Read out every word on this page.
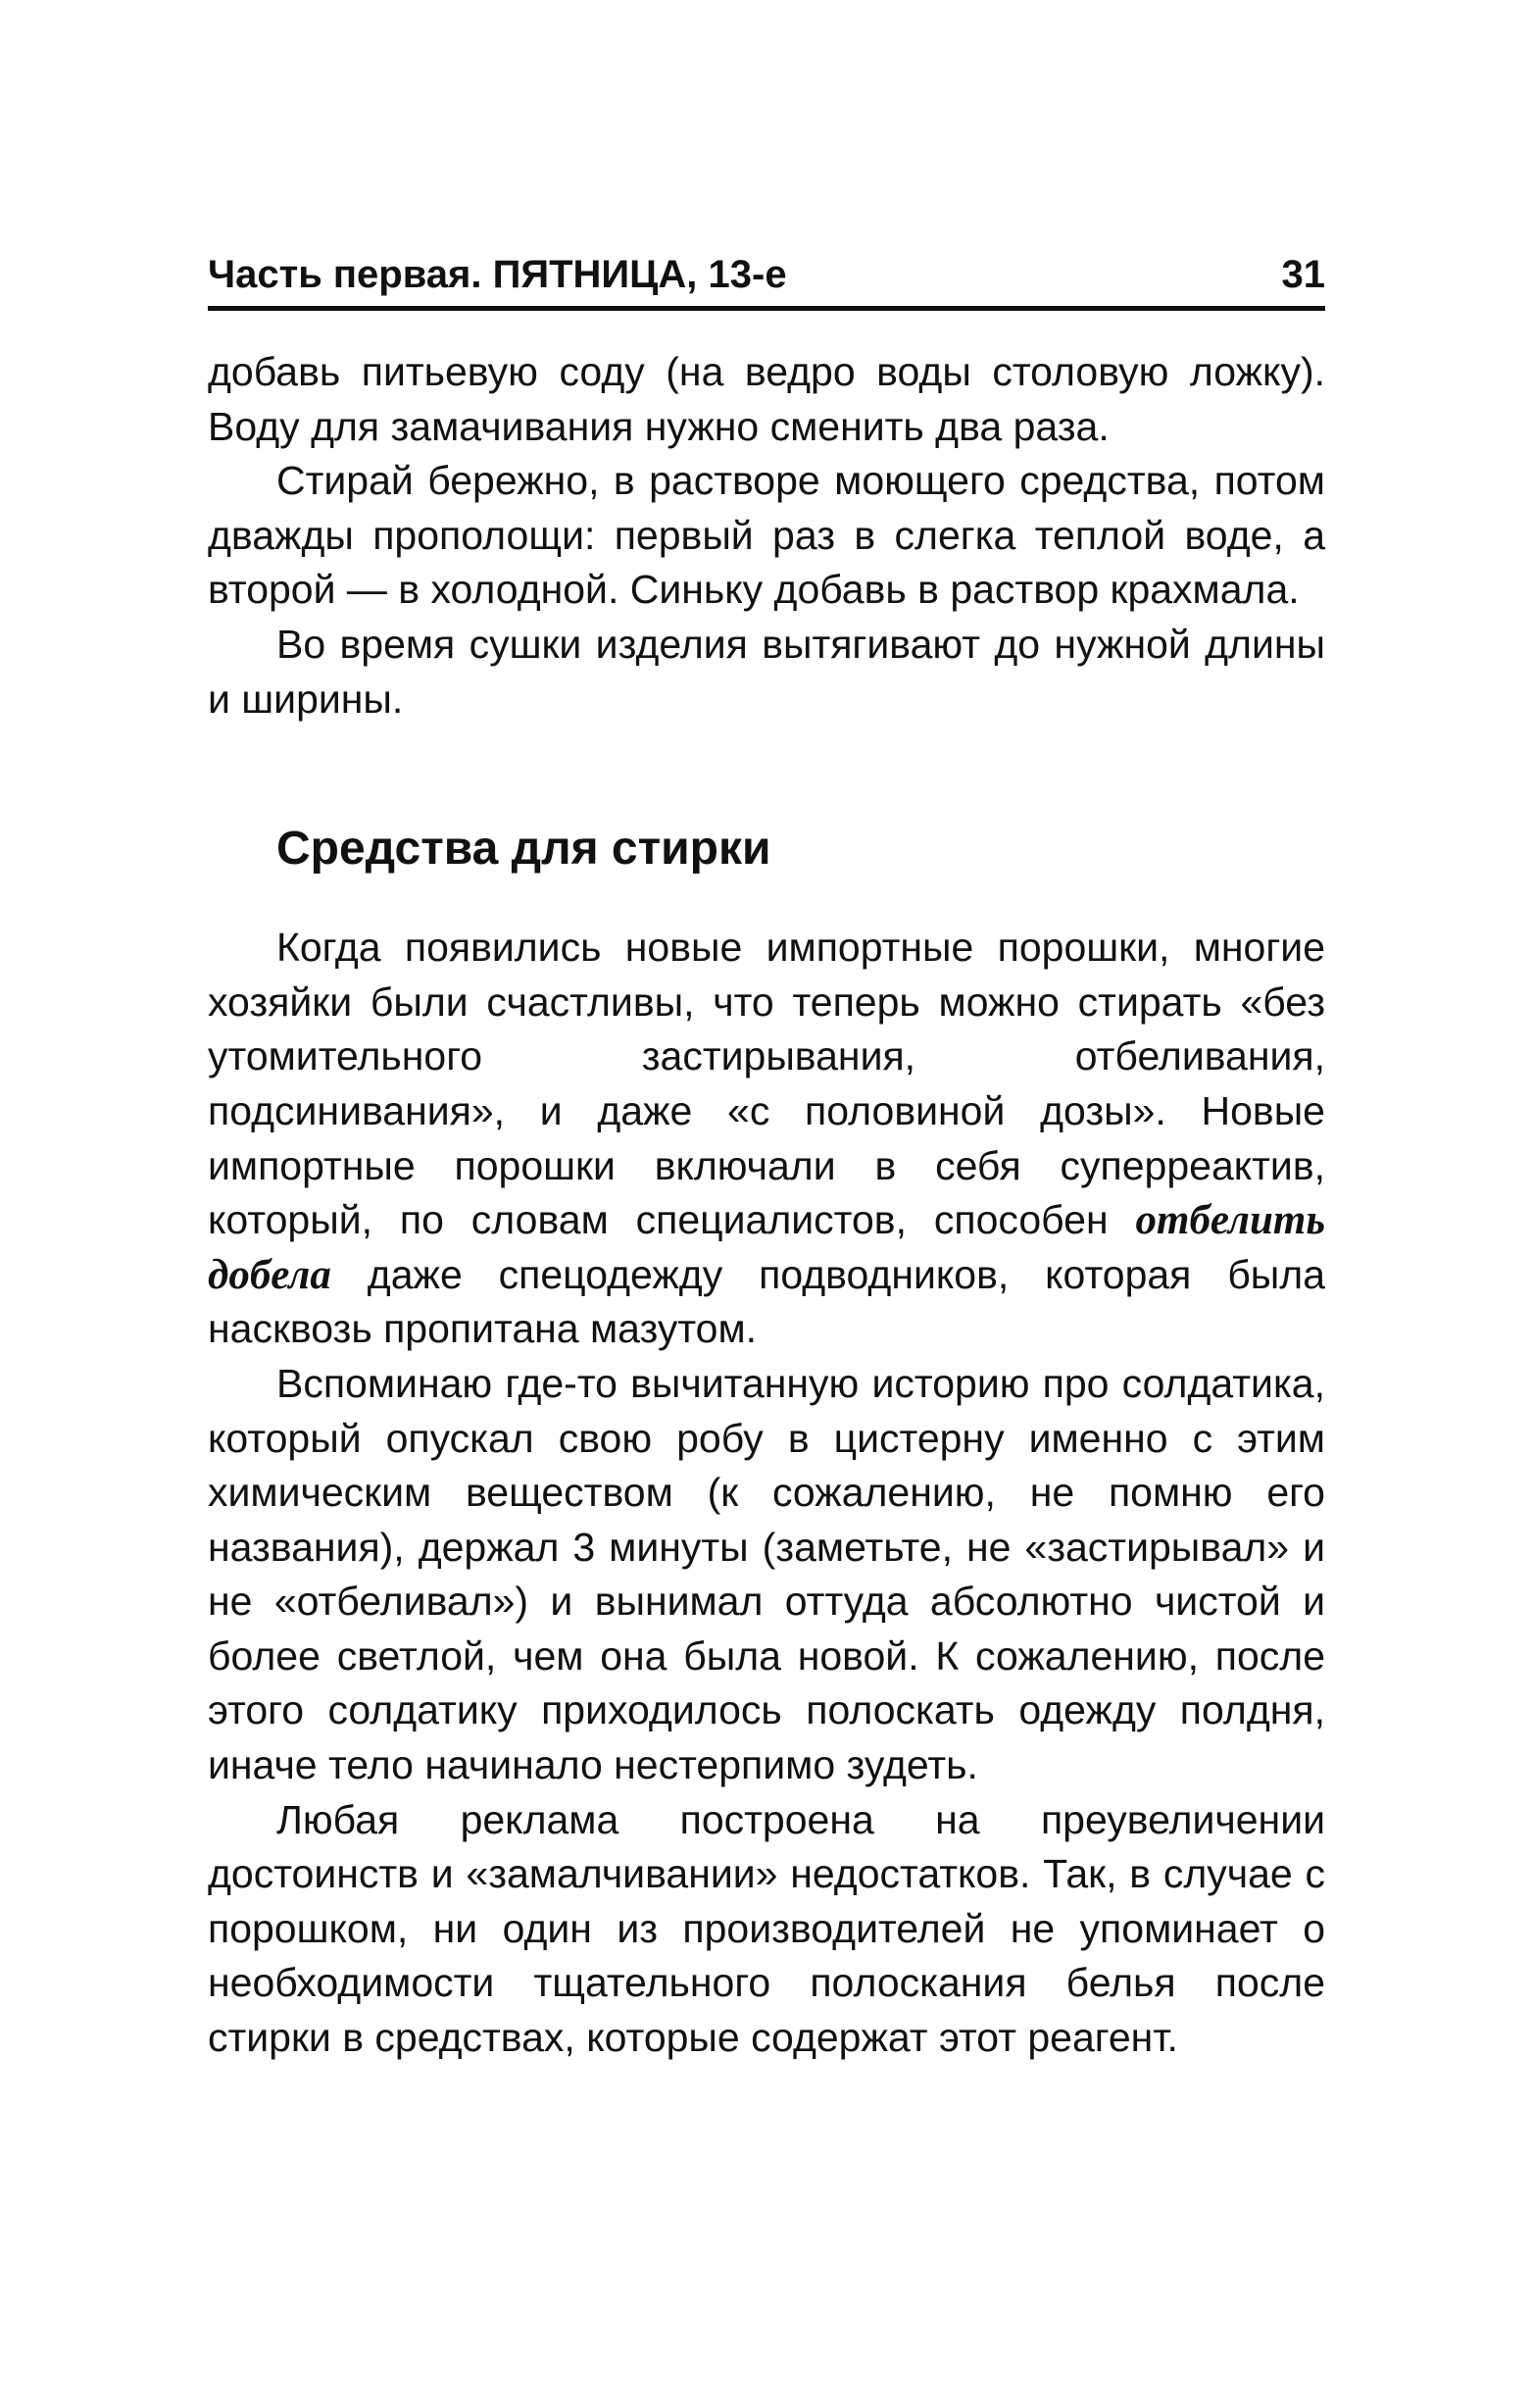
Часть первая. ПЯТНИЦА, 13-е	31

добавь питьевую соду (на ведро воды столовую ложку). Воду для замачивания нужно сменить два раза.

Стирай бережно, в растворе моющего средства, потом дважды прополощи: первый раз в слегка теплой воде, а второй — в холодной. Синьку добавь в раствор крахмала.

Во время сушки изделия вытягивают до нужной длины и ширины.

Средства для стирки

Когда появились новые импортные порошки, многие хозяйки были счастливы, что теперь можно стирать «без утомительного застирывания, отбеливания, подсинивания», и даже «с половиной дозы». Новые импортные порошки включали в себя суперреактив, который, по словам специалистов, способен отбелить добела даже спецодежду подводников, которая была насквозь пропитана мазутом.

Вспоминаю где-то вычитанную историю про солдатика, который опускал свою робу в цистерну именно с этим химическим веществом (к сожалению, не помню его названия), держал 3 минуты (заметьте, не «застирывал» и не «отбеливал») и вынимал оттуда абсолютно чистой и более светлой, чем она была новой. К сожалению, после этого солдатику приходилось полоскать одежду полдня, иначе тело начинало нестерпимо зудеть.

Любая реклама построена на преувеличении достоинств и «замалчивании» недостатков. Так, в случае с порошком, ни один из производителей не упоминает о необходимости тщательного полоскания белья после стирки в средствах, которые содержат этот реагент.
